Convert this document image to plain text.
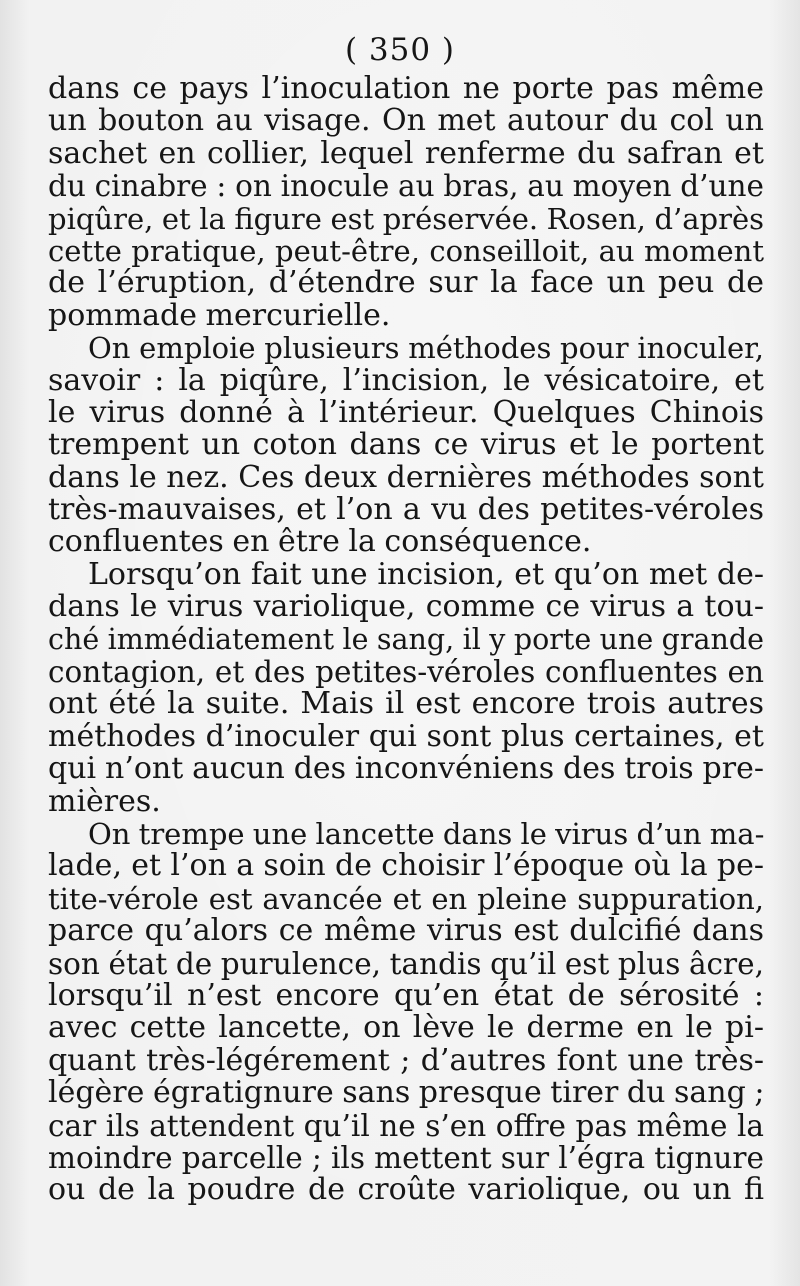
( 350 )
dans ce pays l’inoculation ne porte pas même
un bouton au visage. On met autour du col un
sachet en collier, lequel renferme du safran et
du cinabre : on inocule au bras, au moyen d’une
piqûre, et la figure est préservée. Rosen, d’après
cette pratique, peut-être, conseilloit, au moment
de l’éruption, d’étendre sur la face un peu de
pommade mercurielle.
On emploie plusieurs méthodes pour inoculer,
savoir : la piqûre, l’incision, le vésicatoire, et
le virus donné à l’intérieur. Quelques Chinois
trempent un coton dans ce virus et le portent
dans le nez. Ces deux dernières méthodes sont
très-mauvaises, et l’on a vu des petites-véroles
confluentes en être la conséquence.
Lorsqu’on fait une incision, et qu’on met de-
dans le virus variolique, comme ce virus a tou-
ché immédiatement le sang, il y porte une grande
contagion, et des petites-véroles confluentes en
ont été la suite. Mais il est encore trois autres
méthodes d’inoculer qui sont plus certaines, et
qui n’ont aucun des inconvéniens des trois pre-
mières.
On trempe une lancette dans le virus d’un ma-
lade, et l’on a soin de choisir l’époque où la pe-
tite-vérole est avancée et en pleine suppuration,
parce qu’alors ce même virus est dulcifié dans
son état de purulence, tandis qu’il est plus âcre,
lorsqu’il n’est encore qu’en état de sérosité :
avec cette lancette, on lève le derme en le pi-
quant très-légérement ; d’autres font une très-
légère égratignure sans presque tirer du sang ;
car ils attendent qu’il ne s’en offre pas même la
moindre parcelle ; ils mettent sur l’égra tignure
ou de la poudre de croûte variolique, ou un fi
